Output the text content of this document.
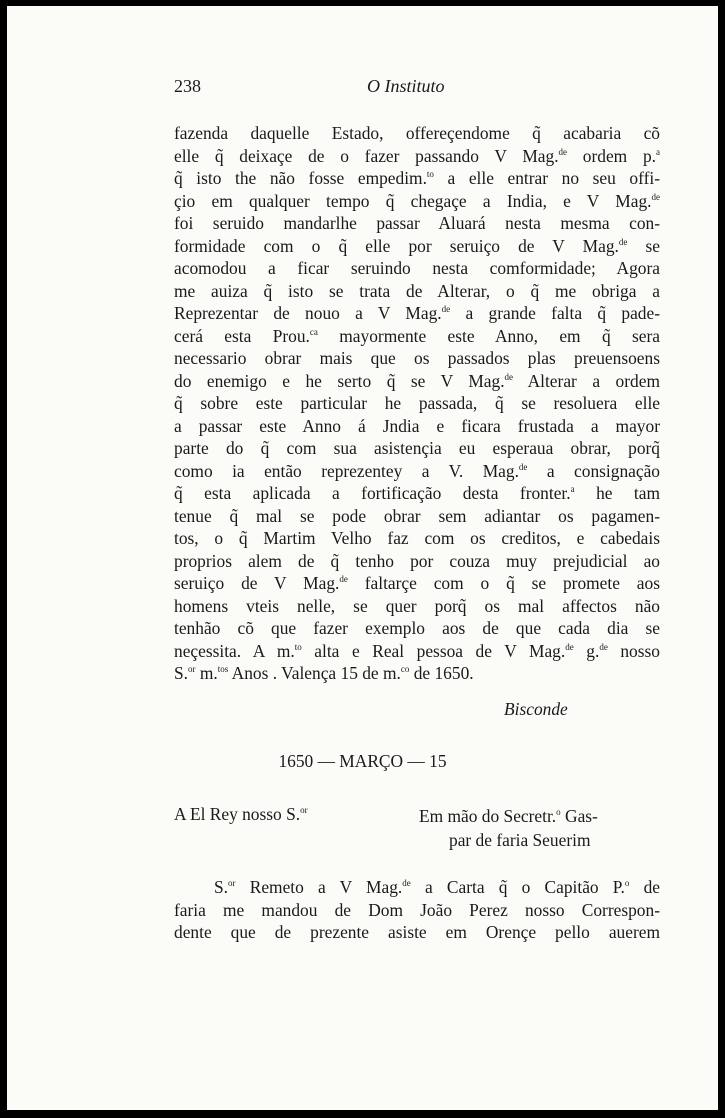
238	O Instituto
fazenda daquelle Estado, offereçendome q̃ acabaria cõ
elle q̃ deixaçe de o fazer passando V Mag.$^{de}$ ordem p.$^a$
q̃ isto the não fosse empedim.$^{to}$ a elle entrar no seu offi-
çio em qualquer tempo q̃ chegaçe a India, e V Mag.$^{de}$
foi seruido mandarlhe passar Aluará nesta mesma con-
formidade com o q̃ elle por seruiço de V Mag.$^{de}$ se
acomodou a ficar seruindo nesta comformidade; Agora
me auiza q̃ isto se trata de Alterar, o q̃ me obriga a
Reprezentar de nouo a V Mag.$^{de}$ a grande falta q̃ pade-
cerá esta Prou.$^{ca}$ mayormente este Anno, em q̃ sera
necessario obrar mais que os passados plas preuensoens
do enemigo e he serto q̃ se V Mag.$^{de}$ Alterar a ordem
q̃ sobre este particular he passada, q̃ se resoluera elle
a passar este Anno á Jndia e ficara frustada a mayor
parte do q̃ com sua asistençia eu esperaua obrar, porq̃
como ia então reprezentey a V. Mag.$^{de}$ a consignação
q̃ esta aplicada a fortificação desta fronter.$^a$ he tam
tenue q̃ mal se pode obrar sem adiantar os pagamen-
tos, o q̃ Martim Velho faz com os creditos, e cabedais
proprios alem de q̃ tenho por couza muy prejudicial ao
seruiço de V Mag.$^{de}$ faltarçe com o q̃ se promete aos
homens vteis nelle, se quer porq̃ os mal affectos não
tenhão cõ que fazer exemplo aos de que cada dia se
neçessita. A m.$^{to}$ alta e Real pessoa de V Mag.$^{de}$ g.$^{de}$ nosso
S.$^{or}$ m.$^{tos}$ Anos . Valença 15 de m.$^{co}$ de 1650.
Bisconde
1650 — MARÇO — 15
A El Rey nosso S.$^{or}$	Em mão do Secretr.$^o$ Gas-
par de faria Seuerim
S.$^{or}$ Remeto a V Mag.$^{de}$ a Carta q̃ o Capitão P.$^o$ de
faria me mandou de Dom João Perez nosso Correspon-
dente que de prezente asiste em Orençe pello auerem
